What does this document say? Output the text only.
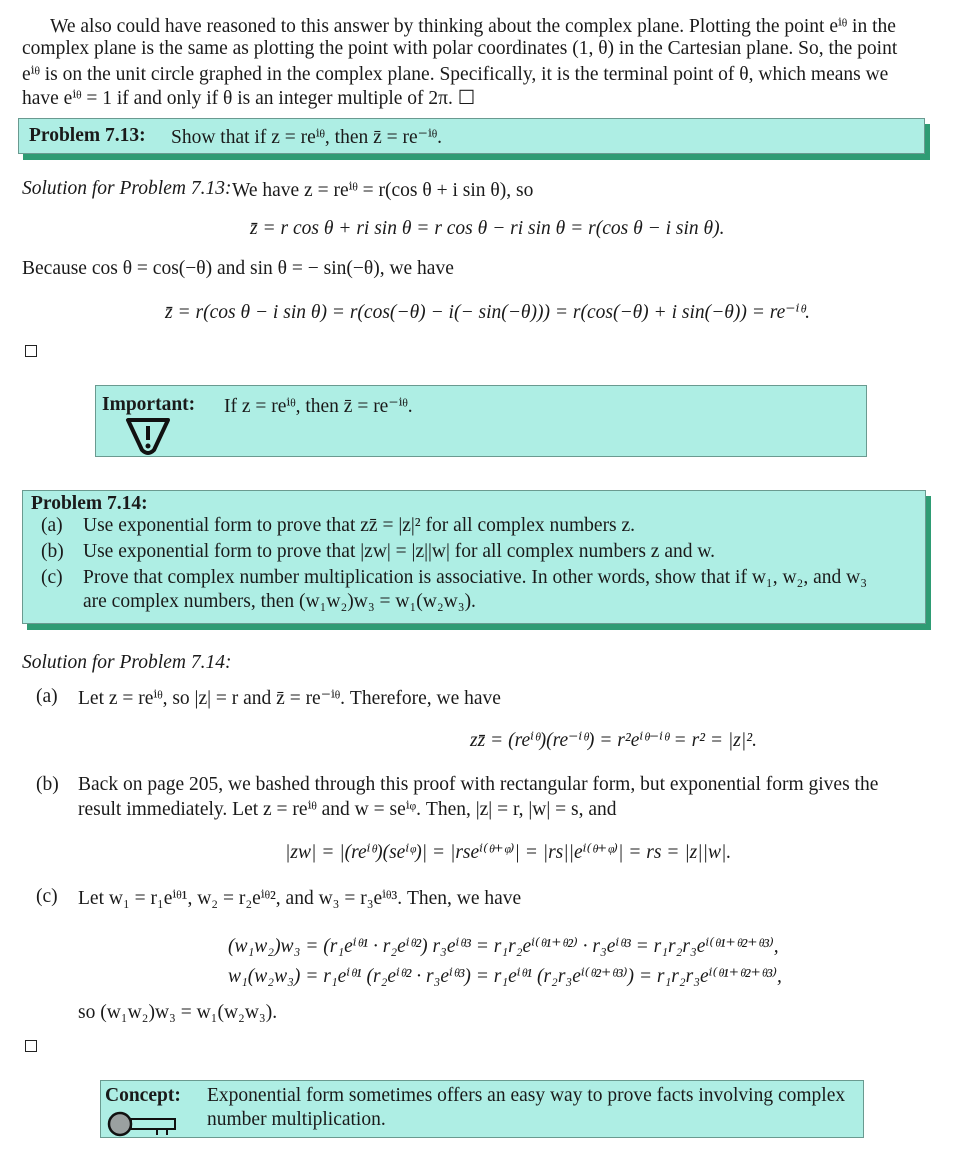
We also could have reasoned to this answer by thinking about the complex plane. Plotting the point eⁱᶿ in the
complex plane is the same as plotting the point with polar coordinates (1, θ) in the Cartesian plane. So, the point
eⁱᶿ is on the unit circle graphed in the complex plane. Specifically, it is the terminal point of θ, which means we
have eⁱᶿ = 1 if and only if θ is an integer multiple of 2π. ☐
Problem 7.13: Show that if z = reⁱᶿ, then z̄ = re⁻ⁱᶿ.
Solution for Problem 7.13: We have z = reⁱᶿ = r(cos θ + i sin θ), so
z̄ = r cos θ + ri sin θ = r cos θ − ri sin θ = r(cos θ − i sin θ).
Because cos θ = cos(−θ) and sin θ = − sin(−θ), we have
z̄ = r(cos θ − i sin θ) = r(cos(−θ) − i(− sin(−θ))) = r(cos(−θ) + i sin(−θ)) = re⁻ⁱᶿ.
Important: If z = reⁱᶿ, then z̄ = re⁻ⁱᶿ.
Problem 7.14:
(a) Use exponential form to prove that zz̄ = |z|² for all complex numbers z.
(b) Use exponential form to prove that |zw| = |z||w| for all complex numbers z and w.
(c) Prove that complex number multiplication is associative. In other words, show that if w₁, w₂, and w₃
are complex numbers, then (w₁w₂)w₃ = w₁(w₂w₃).
Solution for Problem 7.14:
(a) Let z = reⁱᶿ, so |z| = r and z̄ = re⁻ⁱᶿ. Therefore, we have
zz̄ = (reⁱᶿ)(re⁻ⁱᶿ) = r²eⁱᶿ⁻ⁱᶿ = r² = |z|².
(b) Back on page 205, we bashed through this proof with rectangular form, but exponential form gives the
result immediately. Let z = reⁱᶿ and w = seⁱᵠ. Then, |z| = r, |w| = s, and
|zw| = |(reⁱᶿ)(seⁱᵠ)| = |rseⁱ⁽ᶿ⁺ᵠ⁾| = |rs||eⁱ⁽ᶿ⁺ᵠ⁾| = rs = |z||w|.
(c) Let w₁ = r₁eⁱᶿ¹, w₂ = r₂eⁱᶿ², and w₃ = r₃eⁱᶿ³. Then, we have
(w₁w₂)w₃ = (r₁eⁱᶿ¹ · r₂eⁱᶿ²) r₃eⁱᶿ³ = r₁r₂eⁱ⁽ᶿ¹⁺ᶿ²⁾ · r₃eⁱᶿ³ = r₁r₂r₃eⁱ⁽ᶿ¹⁺ᶿ²⁺ᶿ³⁾,
w₁(w₂w₃) = r₁eⁱᶿ¹ (r₂eⁱᶿ² · r₃eⁱᶿ³) = r₁eⁱᶿ¹ (r₂r₃eⁱ⁽ᶿ²⁺ᶿ³⁾) = r₁r₂r₃eⁱ⁽ᶿ¹⁺ᶿ²⁺ᶿ³⁾,
so (w₁w₂)w₃ = w₁(w₂w₃).
Concept: Exponential form sometimes offers an easy way to prove facts involving complex
number multiplication.
